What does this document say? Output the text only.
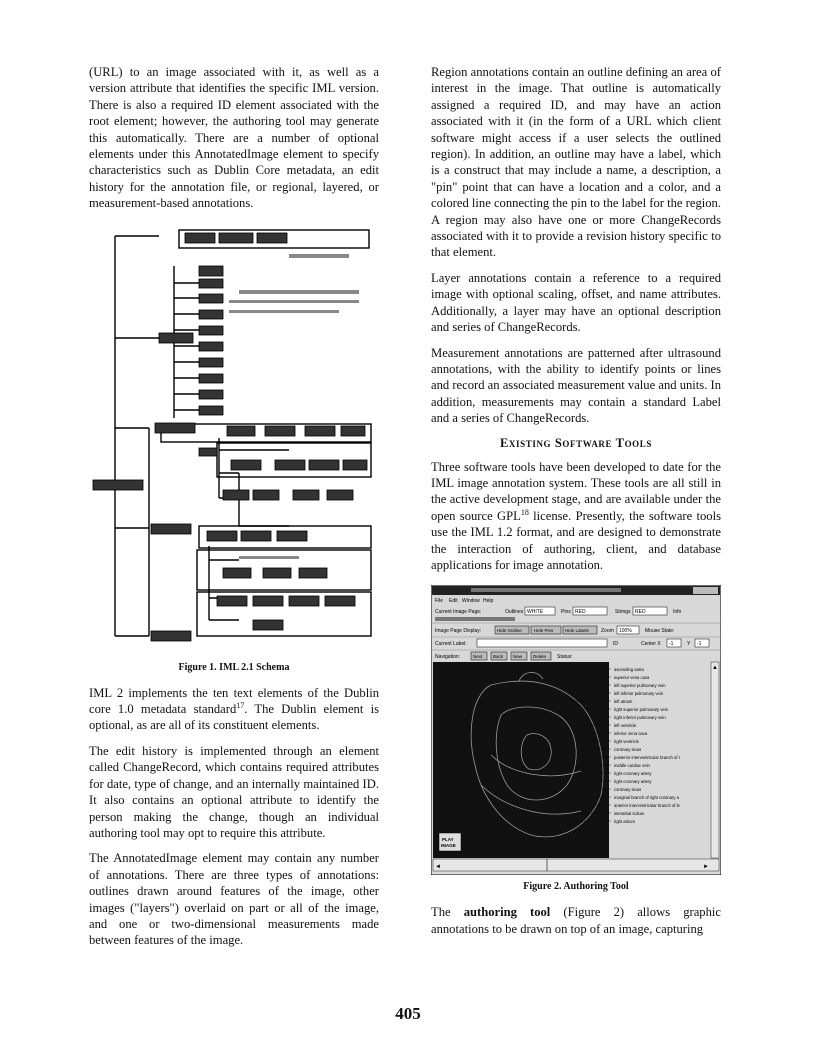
(URL) to an image associated with it, as well as a version attribute that identifies the specific IML version. There is also a required ID element associated with the root element; however, the authoring tool may generate this automatically. There are a number of optional elements under this AnnotatedImage element to specify characteristics such as Dublin Core metadata, an edit history for the annotation file, or regional, layered, or measurement-based annotations.

Figure 1. IML 2.1 Schema

IML 2 implements the ten text elements of the Dublin core 1.0 metadata standard$^{17}$. The Dublin element is optional, as are all of its constituent elements.

The edit history is implemented through an element called ChangeRecord, which contains required attributes for date, type of change, and an internally maintained ID. It also contains an optional attribute to identify the person making the change, though an individual authoring tool may opt to require this attribute.

The AnnotatedImage element may contain any number of annotations. There are three types of annotations: outlines drawn around features of the image, other images ("layers") overlaid on part or all of the image, and one or two-dimensional measurements made between features of the image.

Region annotations contain an outline defining an area of interest in the image. That outline is automatically assigned a required ID, and may have an action associated with it (in the form of a URL which client software might access if a user selects the outlined region). In addition, an outline may have a label, which is a construct that may include a name, a description, a "pin" point that can have a location and a color, and a colored line connecting the pin to the label for the region. A region may also have one or more ChangeRecords associated with it to provide a revision history specific to that element.

Layer annotations contain a reference to a required image with optional scaling, offset, and name attributes. Additionally, a layer may have an optional description and series of ChangeRecords.

Measurement annotations are patterned after ultrasound annotations, with the ability to identify points or lines and record an associated measurement value and units. In addition, measurements may contain a standard Label and a series of ChangeRecords.

Existing Software Tools

Three software tools have been developed to date for the IML image annotation system. These tools are all still in the active development stage, and are available under the open source GPL$^{18}$ license. Presently, the software tools use the IML 1.2 format, and are designed to demonstrate the interaction of authoring, client, and database applications for image annotation.

File Edit Window Help
Current Image Page:	Outlines WHITE	Pins RED	Strings RED	Info
Image Page Display:	Hide Outline	Hide Pins	Hide Labels Zoom 100%	Mouse State:
Current Label:	ID	Center X -1	Y -1
Navigation:	Next Back New Delete Status:
ascending aorta
superior vena cava
left superior pulmonary vein
left inferior pulmonary vein
left atrium
right superior pulmonary vein
right inferior pulmonary vein
left ventricle
inferior vena cava
right ventricle
coronary sinus
posterior interventricular branch of r
middle cardiac vein
right coronary artery
right coronary artery
coronary sinus
marginal branch of right coronary a
anterior interventricular branch of le
interatrial sulcus
right atrium
PLAY
IMAGE
▲
◄	►
Figure 2. Authoring Tool

The authoring tool (Figure 2) allows graphic annotations to be drawn on top of an image, capturing

405
